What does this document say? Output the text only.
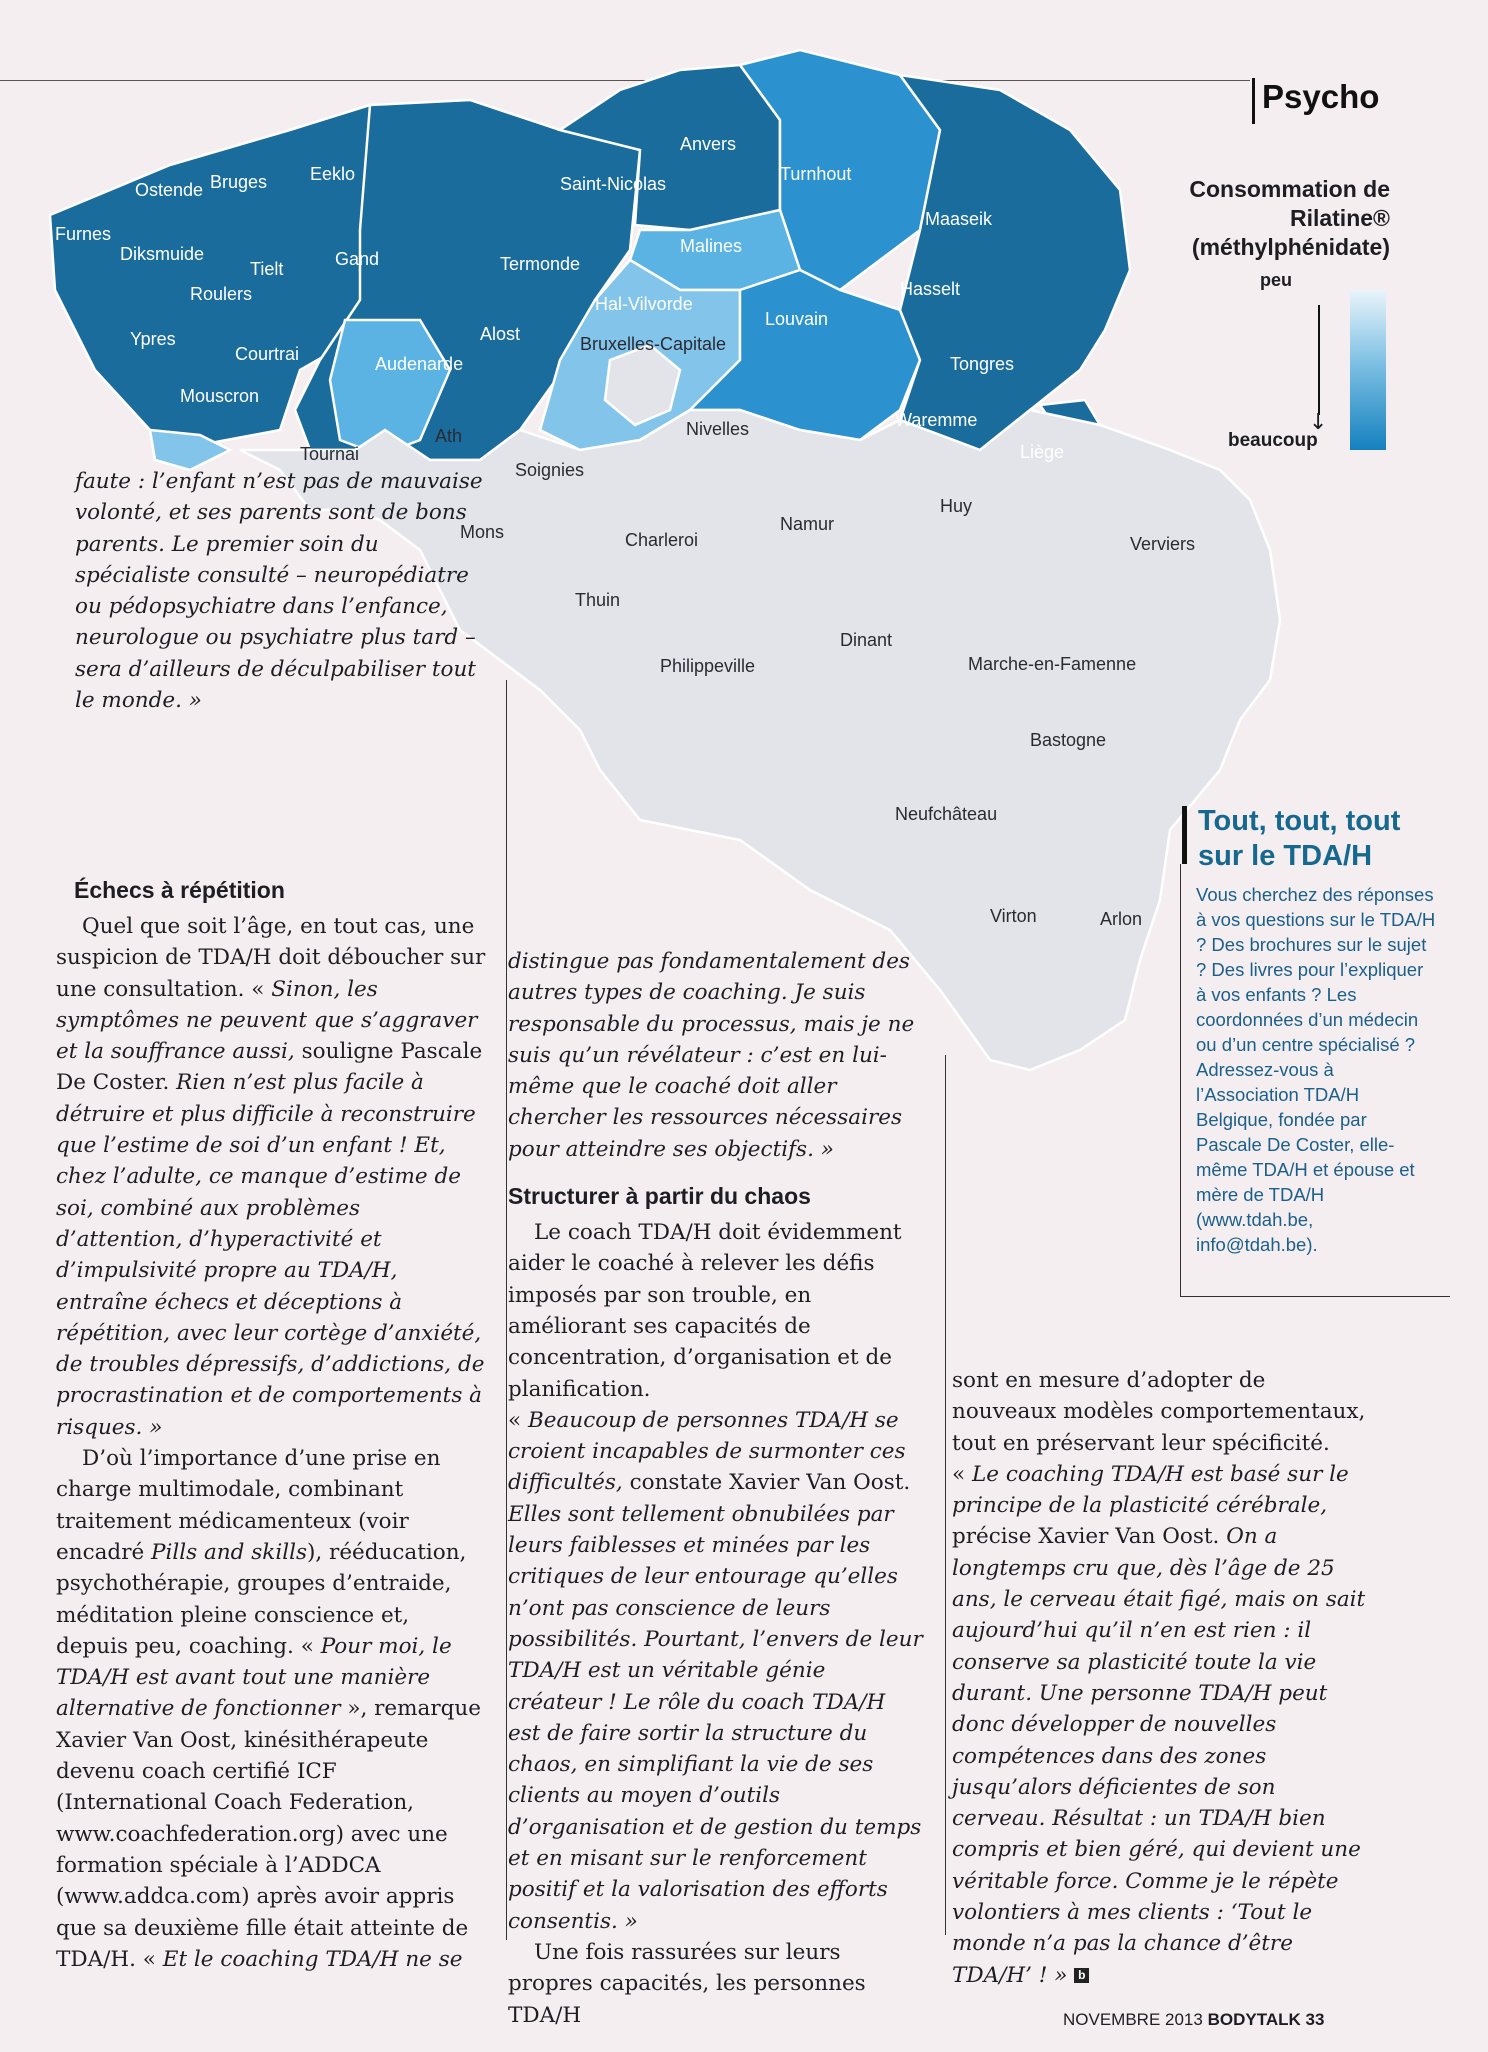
Psycho
Ostende Bruges Eeklo
Furnes
Diksmuide
Tielt	Gand
Roulers
Ypres
Courtrai
Mouscron
Audenarde
Saint-Nicolas
Termonde
Alost
Anvers
Malines
Hal-Vilvorde
Bruxelles-Capitale
Turnhout
Louvain
Maaseik
Hasselt
Tongres
Waremme
Liège
Nivelles
Tournai
Ath
Soignies
Mons	Charleroi
Thuin
Namur
Huy
Verviers
Dinant
Philippeville	Marche-en-Famenne
Bastogne
Neufchâteau
Virton	Arlon
Consommation de Rilatine® (méthylphénidate)
peu
↓
beaucoup
faute : l’enfant n’est pas de mauvaise volonté, et ses parents sont de bons parents. Le premier soin du spécialiste consulté – neuropédiatre ou pédopsychiatre dans l’enfance, neurologue ou psychiatre plus tard – sera d’ailleurs de déculpabiliser tout le monde. »
Échecs à répétition

Quel que soit l’âge, en tout cas, une suspicion de TDA/H doit déboucher sur une consultation. « Sinon, les symptômes ne peuvent que s’aggraver et la souffrance aussi, souligne Pascale De Coster. Rien n’est plus facile à détruire et plus difficile à reconstruire que l’estime de soi d’un enfant ! Et, chez l’adulte, ce manque d’estime de soi, combiné aux problèmes d’attention, d’hyperactivité et d’impulsivité propre au TDA/H, entraîne échecs et déceptions à répétition, avec leur cortège d’anxiété, de troubles dépressifs, d’addictions, de procrastination et de comportements à risques. »

D’où l’importance d’une prise en charge multimodale, combinant traitement médicamenteux (voir encadré Pills and skills), rééducation, psychothérapie, groupes d’entraide, méditation pleine conscience et, depuis peu, coaching. « Pour moi, le TDA/H est avant tout une manière alternative de fonctionner », remarque Xavier Van Oost, kinésithérapeute devenu coach certifié ICF (International Coach Federation, www.coachfederation.org) avec une formation spéciale à l’ADDCA (www.addca.com) après avoir appris que sa deuxième fille était atteinte de TDA/H. « Et le coaching TDA/H ne se

distingue pas fondamentalement des autres types de coaching. Je suis responsable du processus, mais je ne suis qu’un révélateur : c’est en lui-même que le coaché doit aller chercher les ressources nécessaires pour atteindre ses objectifs. »

Structurer à partir du chaos

Le coach TDA/H doit évidemment aider le coaché à relever les défis imposés par son trouble, en améliorant ses capacités de concentration, d’organisation et de planification.

« Beaucoup de personnes TDA/H se croient incapables de surmonter ces difficultés, constate Xavier Van Oost. Elles sont tellement obnubilées par leurs faiblesses et minées par les critiques de leur entourage qu’elles n’ont pas conscience de leurs possibilités. Pourtant, l’envers de leur TDA/H est un véritable génie créateur ! Le rôle du coach TDA/H est de faire sortir la structure du chaos, en simplifiant la vie de ses clients au moyen d’outils d’organisation et de gestion du temps et en misant sur le renforcement positif et la valorisation des efforts consentis. »

Une fois rassurées sur leurs propres capacités, les personnes TDA/H

sont en mesure d’adopter de nouveaux modèles comportementaux, tout en préservant leur spécificité.

« Le coaching TDA/H est basé sur le principe de la plasticité cérébrale, précise Xavier Van Oost. On a longtemps cru que, dès l’âge de 25 ans, le cerveau était figé, mais on sait aujourd’hui qu’il n’en est rien : il conserve sa plasticité toute la vie durant. Une personne TDA/H peut donc développer de nouvelles compétences dans des zones jusqu’alors déficientes de son cerveau. Résultat : un TDA/H bien compris et bien géré, qui devient une véritable force. Comme je le répète volontiers à mes clients : ‘Tout le monde n’a pas la chance d’être TDA/H’ ! » b

Tout, tout, tout sur le TDA/H
Vous cherchez des réponses à vos questions sur le TDA/H ? Des brochures sur le sujet ? Des livres pour l’expliquer à vos enfants ? Les coordonnées d’un médecin ou d’un centre spécialisé ? Adressez-vous à l’Association TDA/H Belgique, fondée par Pascale De Coster, elle-même TDA/H et épouse et mère de TDA/H (www.tdah.be, info@tdah.be).
NOVEMBRE 2013 BODYTALK 33
